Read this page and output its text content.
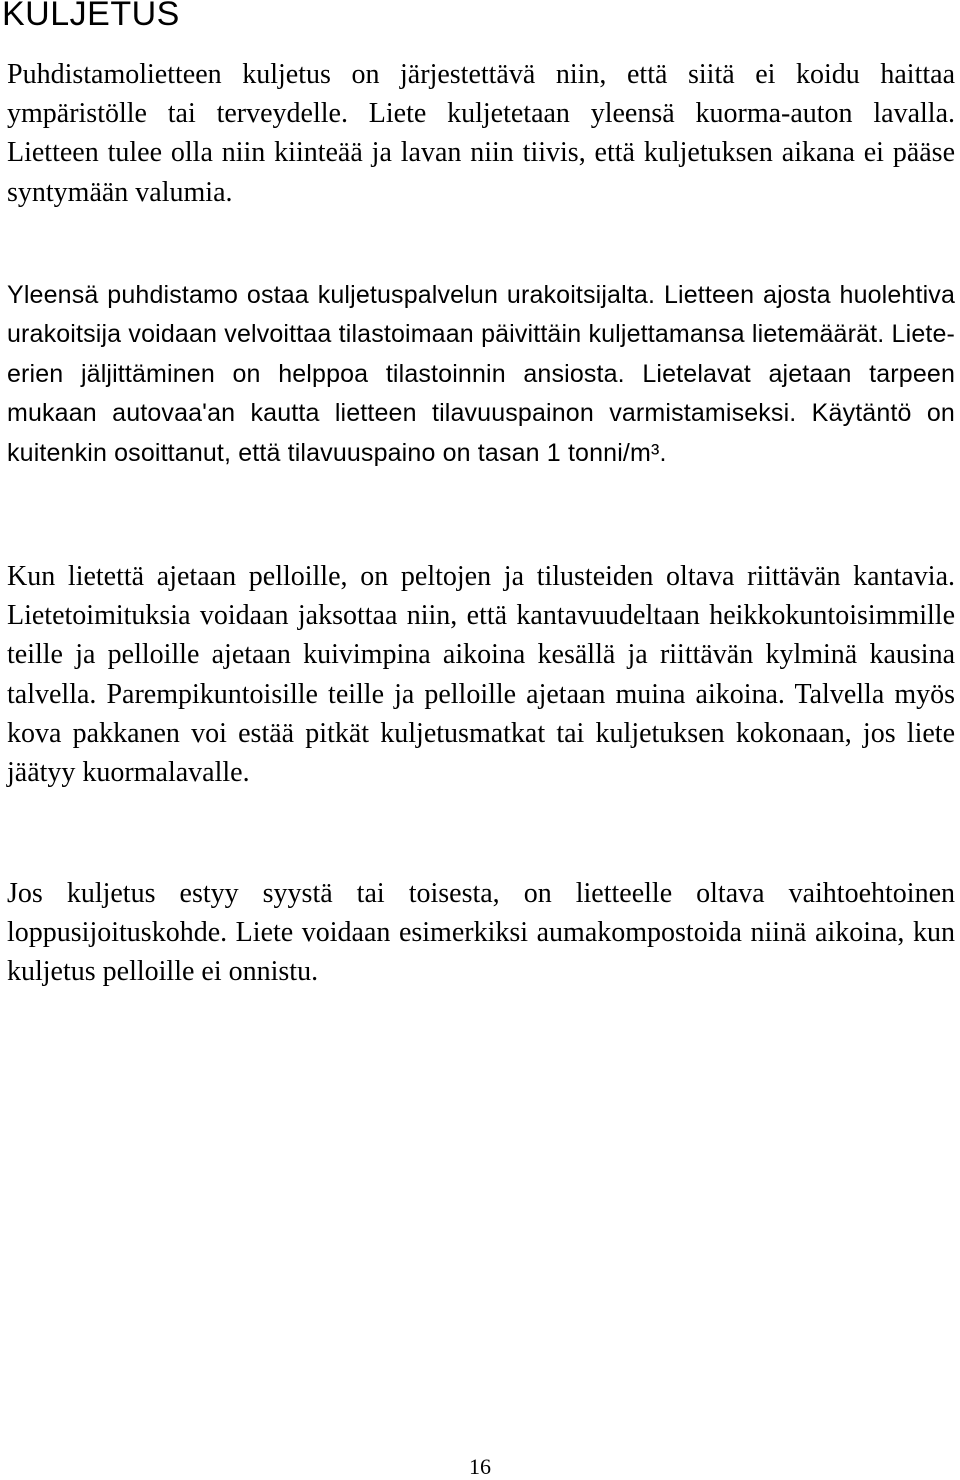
KULJETUS

Puhdistamolietteen kuljetus on järjestettävä niin, että siitä ei koidu haittaa ympäristölle tai terveydelle. Liete kuljetetaan yleensä kuorma-auton lavalla. Lietteen tulee olla niin kiinteää ja lavan niin tiivis, että kuljetuksen aikana ei pääse syntymään valumia.

Yleensä puhdistamo ostaa kuljetuspalvelun urakoitsijalta. Lietteen ajosta huolehtiva urakoitsija voidaan velvoittaa tilastoimaan päivittäin kuljettamansa lietemäärät. Liete-erien jäljittäminen on helppoa tilastoinnin ansiosta. Lietelavat ajetaan tarpeen mukaan autovaa'an kautta lietteen tilavuuspainon varmistamiseksi. Käytäntö on kuitenkin osoittanut, että tilavuuspaino on tasan 1 tonni/m³.

Kun lietettä ajetaan pelloille, on peltojen ja tilusteiden oltava riittävän kantavia. Lietetoimituksia voidaan jaksottaa niin, että kantavuudeltaan heikkokuntoisimmille teille ja pelloille ajetaan kuivimpina aikoina kesällä ja riittävän kylminä kausina talvella. Parempikuntoisille teille ja pelloille ajetaan muina aikoina. Talvella myös kova pakkanen voi estää pitkät kuljetusmatkat tai kuljetuksen kokonaan, jos liete jäätyy kuormalavalle.

Jos kuljetus estyy syystä tai toisesta, on lietteelle oltava vaihtoehtoinen loppusijoituskohde. Liete voidaan esimerkiksi aumakompostoida niinä aikoina, kun kuljetus pelloille ei onnistu.

16
